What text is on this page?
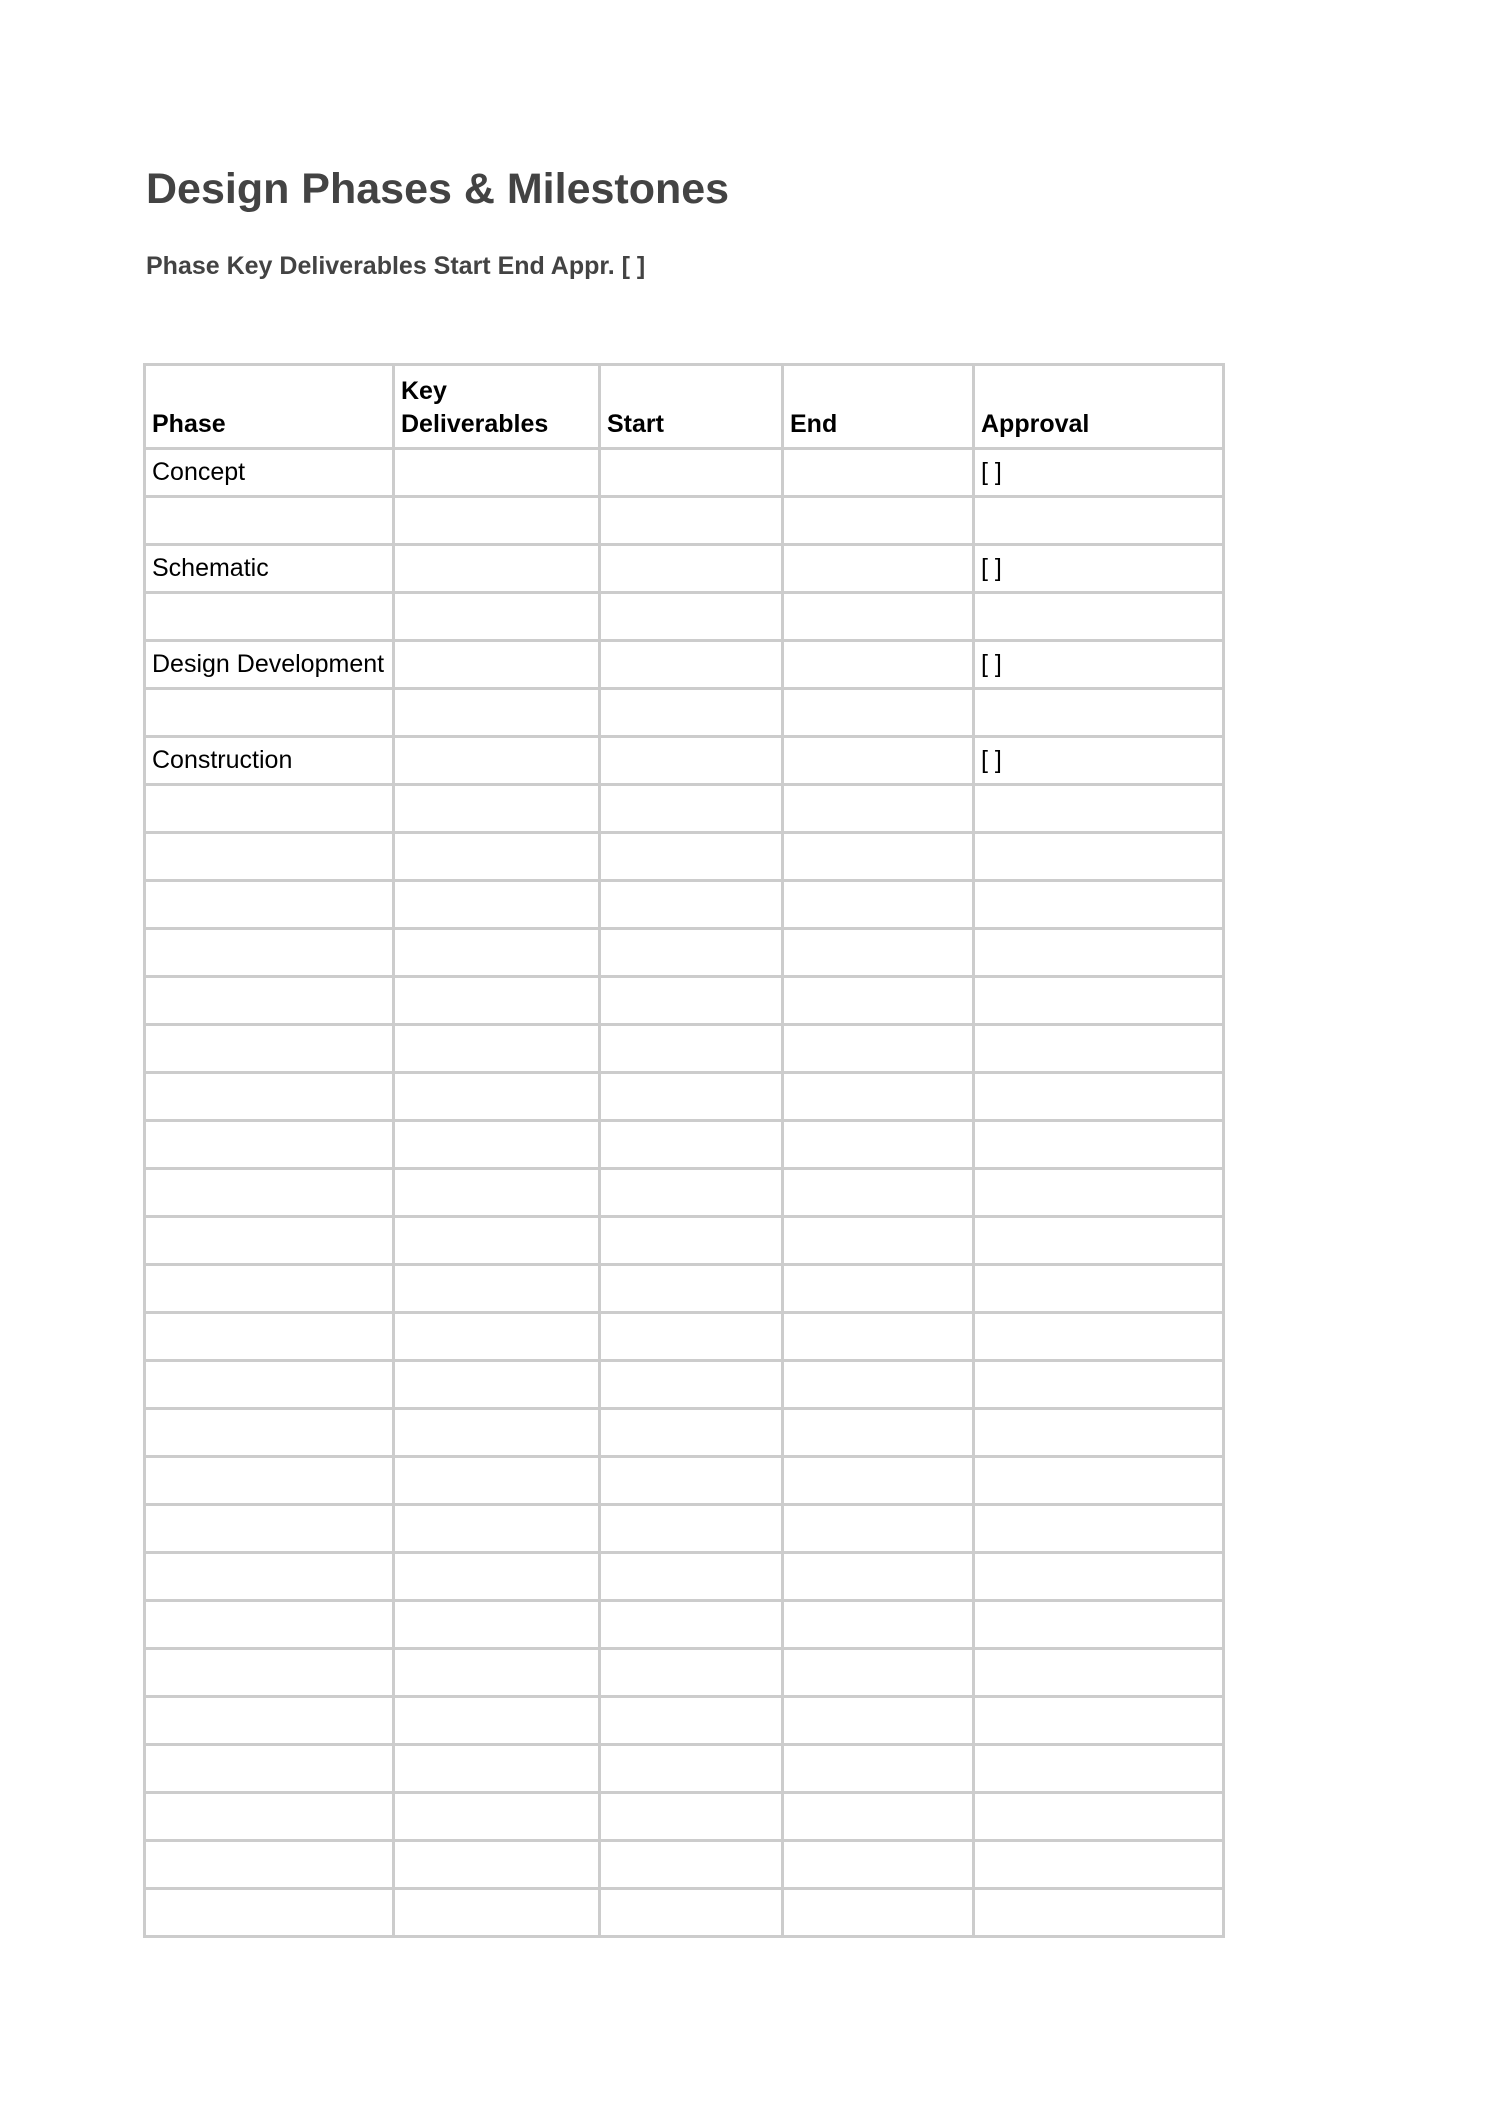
Design Phases & Milestones
Phase Key Deliverables Start End Appr. [ ]
Phase	Key Deliverables	Start	End	Approval
Concept				[ ]

Schematic				[ ]

Design Development				[ ]

Construction				[ ]
